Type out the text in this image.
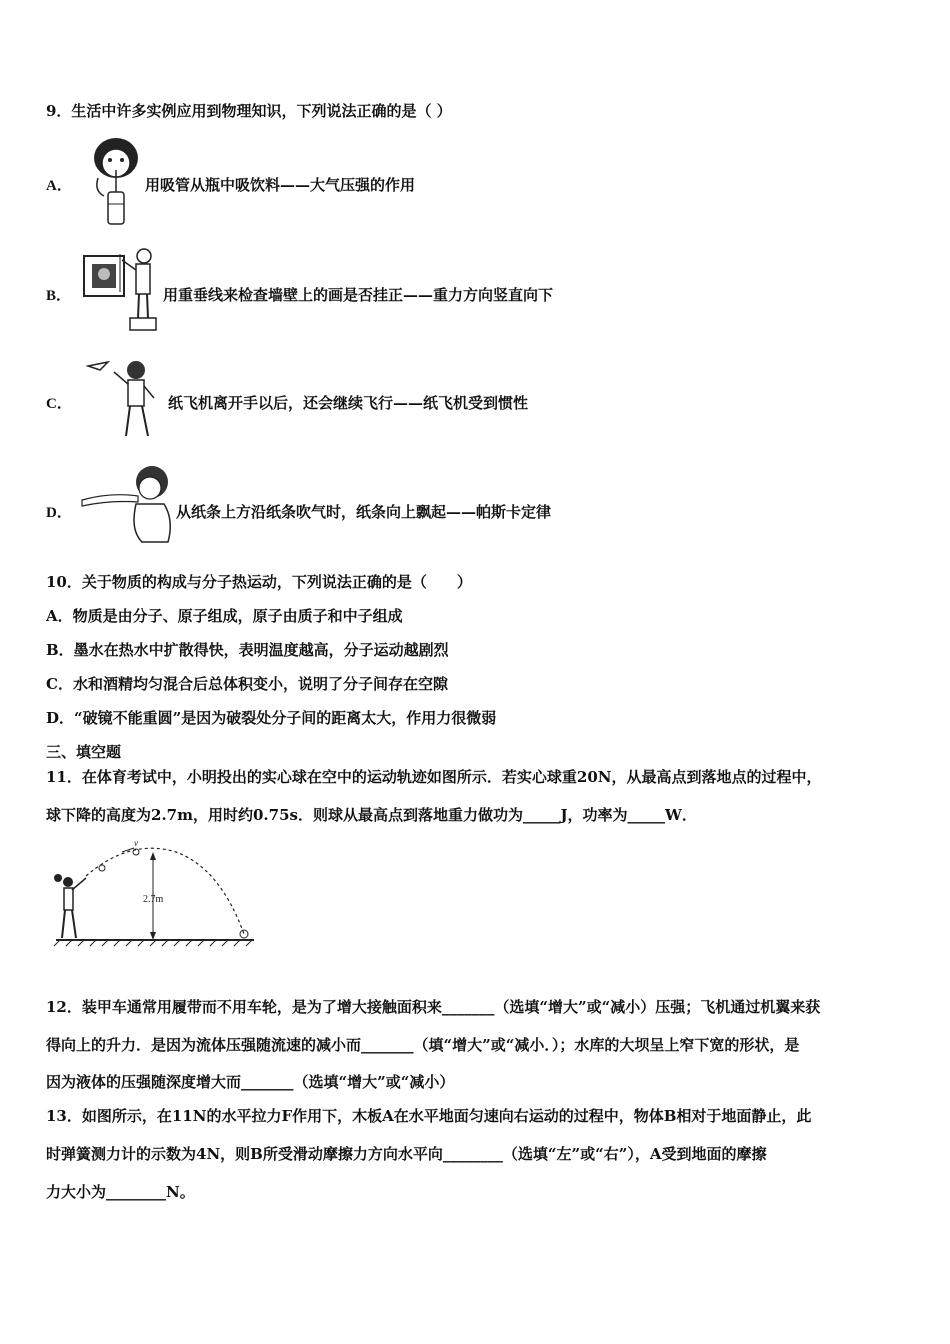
9．生活中许多实例应用到物理知识，下列说法正确的是（ ）
A．	用吸管从瓶中吸饮料——大气压强的作用
B．	用重垂线来检查墙壁上的画是否挂正——重力方向竖直向下
C．	纸飞机离开手以后，还会继续飞行——纸飞机受到惯性
D．	从纸条上方沿纸条吹气时，纸条向上飘起——帕斯卡定律
10．关于物质的构成与分子热运动，下列说法正确的是（　　）
A．物质是由分子、原子组成，原子由质子和中子组成
B．墨水在热水中扩散得快，表明温度越高，分子运动越剧烈
C．水和酒精均匀混合后总体积变小，说明了分子间存在空隙
D．“破镜不能重圆”是因为破裂处分子间的距离太大，作用力很微弱
三、填空题
11．在体育考试中，小明投出的实心球在空中的运动轨迹如图所示．若实心球重20N，从最高点到落地点的过程中，
球下降的高度为2.7m，用时约0.75s．则球从最高点到落地重力做功为_____J，功率为_____W．
v
2.7m
12．装甲车通常用履带而不用车轮，是为了增大接触面积来_______（选填“增大”或“减小）压强；飞机通过机翼来获
得向上的升力．是因为流体压强随流速的减小而_______（填“增大”或“减小．）；水库的大坝呈上窄下宽的形状，是
因为液体的压强随深度增大而_______（选填“增大”或“减小）
13．如图所示，在11N的水平拉力F作用下，木板A在水平地面匀速向右运动的过程中，物体B相对于地面静止，此
时弹簧测力计的示数为4N，则B所受滑动摩擦力方向水平向________（选填“左”或“右”），A受到地面的摩擦
力大小为________N。
